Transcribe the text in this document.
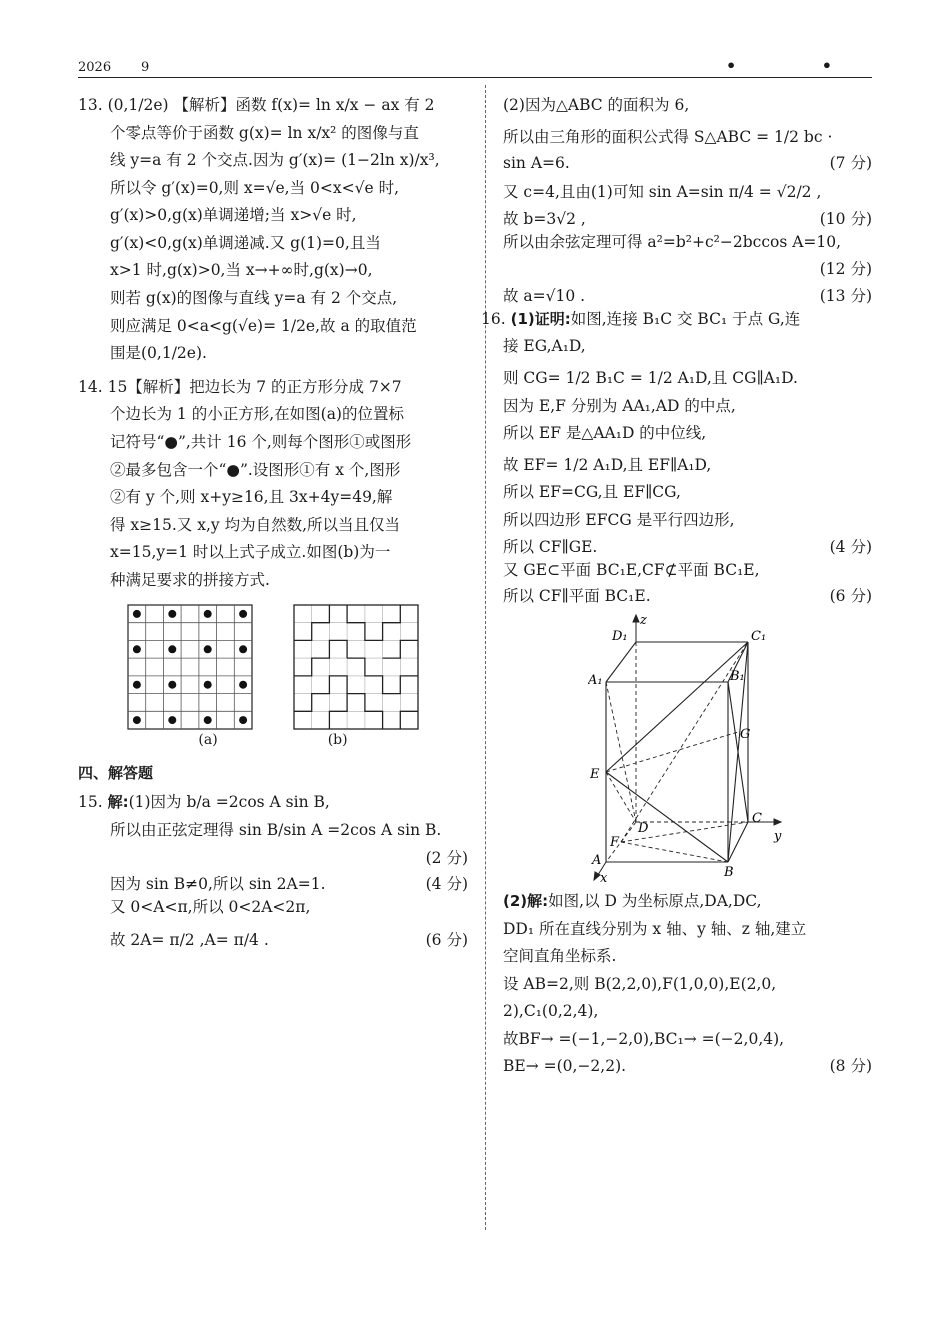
2026 9	• •

13. (0,1/2e) 【解析】函数 f(x)= ln x/x − ax 有 2

个零点等价于函数 g(x)= ln x/x² 的图像与直

线 y=a 有 2 个交点.因为 g′(x)= (1−2ln x)/x³,

所以令 g′(x)=0,则 x=√e,当 0<x<√e 时,

g′(x)>0,g(x)单调递增;当 x>√e 时,

g′(x)<0,g(x)单调递减.又 g(1)=0,且当

x>1 时,g(x)>0,当 x→+∞时,g(x)→0,

则若 g(x)的图像与直线 y=a 有 2 个交点,

则应满足 0<a<g(√e)= 1/2e,故 a 的取值范

围是(0,1/2e).

14. 15【解析】把边长为 7 的正方形分成 7×7

个边长为 1 的小正方形,在如图(a)的位置标

记符号“●”,共计 16 个,则每个图形①或图形

②最多包含一个“●”.设图形①有 x 个,图形

②有 y 个,则 x+y≥16,且 3x+4y=49,解

得 x≥15.又 x,y 均为自然数,所以当且仅当

x=15,y=1 时以上式子成立.如图(b)为一

种满足要求的拼接方式.

(a)	(b)
四、解答题

15. 解:(1)因为 b/a =2cos A sin B,

所以由正弦定理得 sin B/sin A =2cos A sin B.

(2 分)

因为 sin B≠0,所以 sin 2A=1.	(4 分)

又 0<A<π,所以 0<2A<2π,

故 2A= π/2 ,A= π/4 .	(6 分)

(2)因为△ABC 的面积为 6,

所以由三角形的面积公式得 S△ABC = 1/2 bc ·

sin A=6.	(7 分)

又 c=4,且由(1)可知 sin A=sin π/4 = √2/2 ,

故 b=3√2 ,	(10 分)

所以由余弦定理可得 a²=b²+c²−2bccos A=10,

(12 分)

故 a=√10 .	(13 分)

16. (1)证明:如图,连接 B₁C 交 BC₁ 于点 G,连

接 EG,A₁D,

则 CG= 1/2 B₁C = 1/2 A₁D,且 CG∥A₁D.

因为 E,F 分别为 AA₁,AD 的中点,

所以 EF 是△AA₁D 的中位线,

故 EF= 1/2 A₁D,且 EF∥A₁D,

所以 EF=CG,且 EF∥CG,

所以四边形 EFCG 是平行四边形,

所以 CF∥GE.	(4 分)

又 GE⊂平面 BC₁E,CF⊄平面 BC₁E,

所以 CF∥平面 BC₁E.	(6 分)
z
y
x
D₁	C₁
A₁	B₁
G
E
C
D
F
A
B

(2)解:如图,以 D 为坐标原点,DA,DC,

DD₁ 所在直线分别为 x 轴、y 轴、z 轴,建立

空间直角坐标系.

设 AB=2,则 B(2,2,0),F(1,0,0),E(2,0,

2),C₁(0,2,4),

故BF→ =(−1,−2,0),BC₁→ =(−2,0,4),

BE→ =(0,−2,2).	(8 分)
